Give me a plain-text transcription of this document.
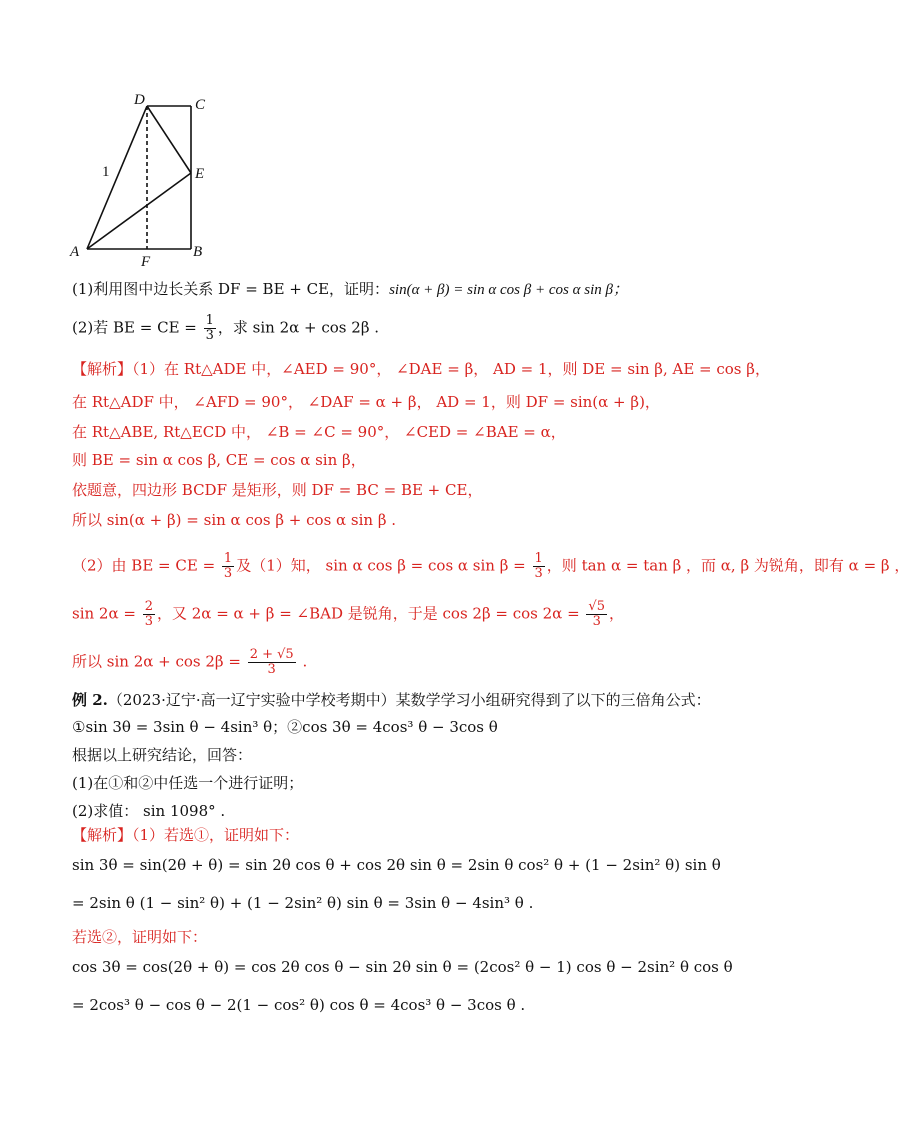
D	C
E
1
A	B
F
(1)利用图中边长关系 DF = BE + CE，证明：sin(α + β) = sin α cos β + cos α sin β；
(2)若 BE = CE = $\frac{1}{3}$ ，求 sin 2α + cos 2β .
【解析】（1）在 Rt△ADE 中，∠AED = 90°， ∠DAE = β， AD = 1，则 DE = sin β, AE = cos β，
在 Rt△ADF 中， ∠AFD = 90°， ∠DAF = α + β， AD = 1，则 DF = sin(α + β)，
在 Rt△ABE, Rt△ECD 中， ∠B = ∠C = 90°， ∠CED = ∠BAE = α，
则 BE = sin α cos β, CE = cos α sin β，
依题意，四边形 BCDF 是矩形，则 DF = BC = BE + CE，
所以 sin(α + β) = sin α cos β + cos α sin β .
（2）由 BE = CE = $\frac{1}{3}$ 及（1）知， sin α cos β = cos α $\sin \beta = \frac{1}{3}$ ，则 tan α = tan β ，而 α, β 为锐角，即有 α = β ，
$\sin 2\alpha = \frac{2}{3}$ ，又 2α = α + β = ∠BAD 是锐角，于是 $\cos 2\beta = \cos 2\alpha = \frac{√5}{3}$ ，
所以 $\sin 2\alpha + \cos 2\beta = \frac{2 + √5}{3}$ .
例 2.（2023·辽宁·高一辽宁实验中学校考期中）某数学学习小组研究得到了以下的三倍角公式：
①sin 3θ = 3sin θ − 4sin³ θ；②cos 3θ = 4cos³ θ − 3cos θ
根据以上研究结论，回答：
(1)在①和②中任选一个进行证明；
(2)求值： sin 1098° .
【解析】（1）若选①，证明如下：
sin 3θ = sin(2θ + θ) = sin 2θ cos θ + cos 2θ sin θ = 2sin θ cos² θ + (1 − 2sin² θ) sin θ
= 2sin θ (1 − sin² θ) + (1 − 2sin² θ) sin θ = 3sin θ − 4sin³ θ .
若选②，证明如下：
cos 3θ = cos(2θ + θ) = cos 2θ cos θ − sin 2θ sin θ = (2cos² θ − 1) cos θ − 2sin² θ cos θ
= 2cos³ θ − cos θ − 2(1 − cos² θ) cos θ = 4cos³ θ − 3cos θ .
